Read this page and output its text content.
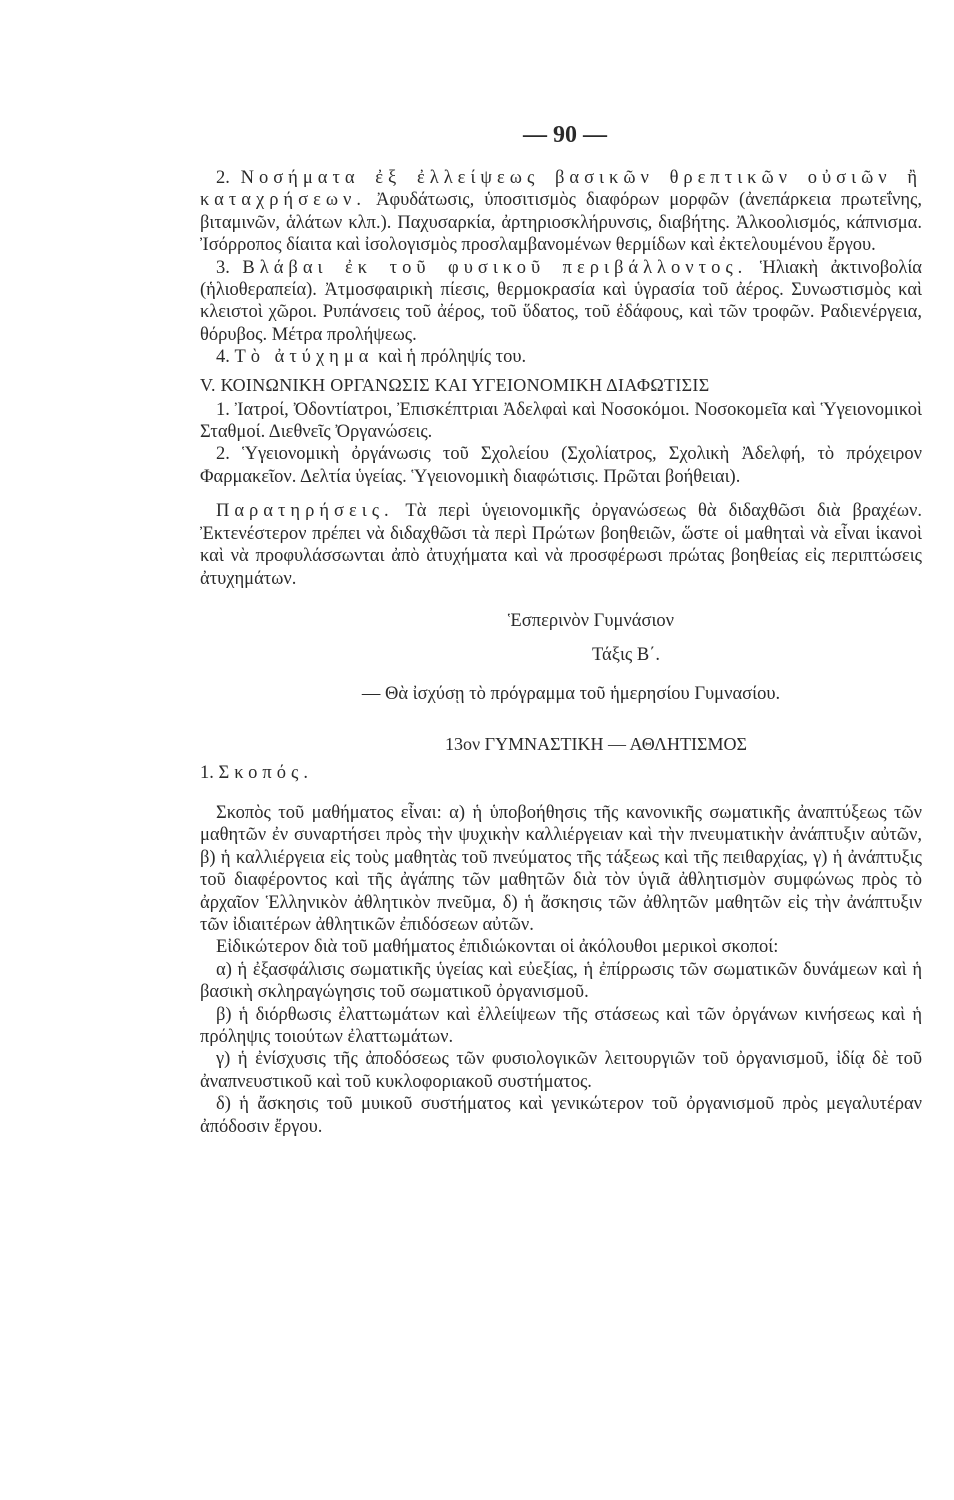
— 90 —

2. Νοσήματα ἐξ ἐλλείψεως βασικῶν θρεπτικῶν οὐσιῶν ἢ καταχρήσεων. Ἀφυδάτωσις, ὑποσιτισμὸς διαφόρων μορφῶν (ἀνεπάρκεια πρωτεΐνης, βιταμινῶν, ἁλάτων κλπ.). Παχυσαρκία, ἀρτηριοσκλήρυνσις, διαβήτης. Ἀλκοολισμός, κάπνισμα. Ἰσόρροπος δίαιτα καὶ ἰσολογισμὸς προσλαμβανομένων θερμίδων καὶ ἐκτελουμένου ἔργου.

3. Βλάβαι ἐκ τοῦ φυσικοῦ περιβάλλοντος. Ἡλιακὴ ἀκτινοβολία (ἡλιοθεραπεία). Ἀτμοσφαιρικὴ πίεσις, θερμοκρασία καὶ ὑγρασία τοῦ ἀέρος. Συνωστισμὸς καὶ κλειστοὶ χῶροι. Ρυπάνσεις τοῦ ἀέρος, τοῦ ὕδατος, τοῦ ἐδάφους, καὶ τῶν τροφῶν. Ραδιενέργεια, θόρυβος. Μέτρα προλήψεως.

4. Τὸ ἀτύχημα καὶ ἡ πρόληψίς του.

V. ΚΟΙΝΩΝΙΚΗ ΟΡΓΑΝΩΣΙΣ ΚΑΙ ΥΓΕΙΟΝΟΜΙΚΗ ΔΙΑΦΩΤΙΣΙΣ

1. Ἰατροί, Ὀδοντίατροι, Ἐπισκέπτριαι Ἀδελφαὶ καὶ Νοσοκόμοι. Νοσοκομεῖα καὶ Ὑγειονομικοὶ Σταθμοί. Διεθνεῖς Ὀργανώσεις.

2. Ὑγειονομικὴ ὀργάνωσις τοῦ Σχολείου (Σχολίατρος, Σχολικὴ Ἀδελφή, τὸ πρόχειρον Φαρμακεῖον. Δελτία ὑγείας. Ὑγειονομικὴ διαφώτισις. Πρῶται βοήθειαι).

Παρατηρήσεις. Τὰ περὶ ὑγειονομικῆς ὀργανώσεως θὰ διδαχθῶσι διὰ βραχέων. Ἐκτενέστερον πρέπει νὰ διδαχθῶσι τὰ περὶ Πρώτων βοηθειῶν, ὥστε οἱ μαθηταὶ νὰ εἶναι ἱκανοὶ καὶ νὰ προφυλάσσωνται ἀπὸ ἀτυχήματα καὶ νὰ προσφέρωσι πρώτας βοηθείας εἰς περιπτώσεις ἀτυχημάτων.

Ἑσπερινὸν Γυμνάσιον

Τάξις Β΄.

— Θὰ ἰσχύσῃ τὸ πρόγραμμα τοῦ ἡμερησίου Γυμνασίου.

13ον ΓΥΜΝΑΣΤΙΚΗ — ΑΘΛΗΤΙΣΜΟΣ

1. Σκοπός.

Σκοπὸς τοῦ μαθήματος εἶναι: α) ἡ ὑποβοήθησις τῆς κανονικῆς σωματικῆς ἀναπτύξεως τῶν μαθητῶν ἐν συναρτήσει πρὸς τὴν ψυχικὴν καλλιέργειαν καὶ τὴν πνευματικὴν ἀνάπτυξιν αὐτῶν, β) ἡ καλλιέργεια εἰς τοὺς μαθητὰς τοῦ πνεύματος τῆς τάξεως καὶ τῆς πειθαρχίας, γ) ἡ ἀνάπτυξις τοῦ διαφέροντος καὶ τῆς ἀγάπης τῶν μαθητῶν διὰ τὸν ὑγιᾶ ἀθλητισμὸν συμφώνως πρὸς τὸ ἀρχαῖον Ἑλληνικὸν ἀθλητικὸν πνεῦμα, δ) ἡ ἄσκησις τῶν ἀθλητῶν μαθητῶν εἰς τὴν ἀνάπτυξιν τῶν ἰδιαιτέρων ἀθλητικῶν ἐπιδόσεων αὐτῶν.

Εἰδικώτερον διὰ τοῦ μαθήματος ἐπιδιώκονται οἱ ἀκόλουθοι μερικοὶ σκοποί:

α) ἡ ἐξασφάλισις σωματικῆς ὑγείας καὶ εὐεξίας, ἡ ἐπίρρωσις τῶν σωματικῶν δυνάμεων καὶ ἡ βασικὴ σκληραγώγησις τοῦ σωματικοῦ ὀργανισμοῦ.

β) ἡ διόρθωσις ἐλαττωμάτων καὶ ἐλλείψεων τῆς στάσεως καὶ τῶν ὀργάνων κινήσεως καὶ ἡ πρόληψις τοιούτων ἐλαττωμάτων.

γ) ἡ ἐνίσχυσις τῆς ἀποδόσεως τῶν φυσιολογικῶν λειτουργιῶν τοῦ ὀργανισμοῦ, ἰδίᾳ δὲ τοῦ ἀναπνευστικοῦ καὶ τοῦ κυκλοφοριακοῦ συστήματος.

δ) ἡ ἄσκησις τοῦ μυικοῦ συστήματος καὶ γενικώτερον τοῦ ὀργανισμοῦ πρὸς μεγαλυτέραν ἀπόδοσιν ἔργου.
